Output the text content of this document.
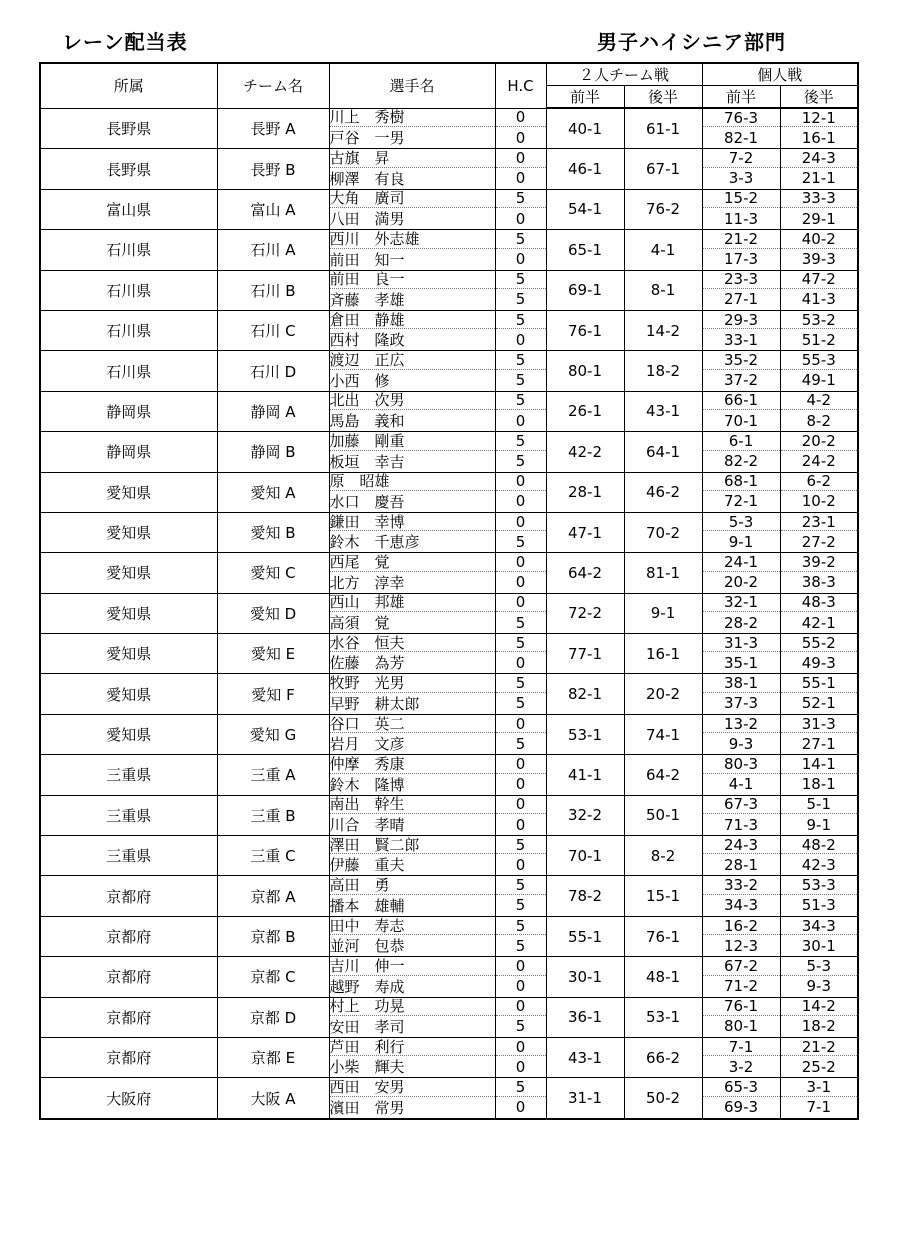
レーン配当表	男子ハイシニア部門
所属	チーム名	選手名	H.C	２人チーム戦		個人戦	
				前半	後半	前半	後半
長野県	長野 A	川上　秀樹	0	40-1	61-1	76-3	12-1
		戸谷　一男	0			82-1	16-1
長野県	長野 B	古旗　昇	0	46-1	67-1	7-2	24-3
		柳澤　有良	0			3-3	21-1
富山県	富山 A	大角　廣司	5	54-1	76-2	15-2	33-3
		八田　満男	0			11-3	29-1
石川県	石川 A	西川　外志雄	5	65-1	4-1	21-2	40-2
		前田　知一	0			17-3	39-3
石川県	石川 B	前田　良一	5	69-1	8-1	23-3	47-2
		斉藤　孝雄	5			27-1	41-3
石川県	石川 C	倉田　静雄	5	76-1	14-2	29-3	53-2
		西村　隆政	0			33-1	51-2
石川県	石川 D	渡辺　正広	5	80-1	18-2	35-2	55-3
		小西　修	5			37-2	49-1
静岡県	静岡 A	北出　次男	5	26-1	43-1	66-1	4-2
		馬島　義和	0			70-1	8-2
静岡県	静岡 B	加藤　剛重	5	42-2	64-1	6-1	20-2
		板垣　幸吉	5			82-2	24-2
愛知県	愛知 A	原　昭雄	0	28-1	46-2	68-1	6-2
		水口　慶吾	0			72-1	10-2
愛知県	愛知 B	鎌田　幸博	0	47-1	70-2	5-3	23-1
		鈴木　千恵彦	5			9-1	27-2
愛知県	愛知 C	西尾　覚	0	64-2	81-1	24-1	39-2
		北方　淳幸	0			20-2	38-3
愛知県	愛知 D	西山　邦雄	0	72-2	9-1	32-1	48-3
		高須　覚	5			28-2	42-1
愛知県	愛知 E	水谷　恒夫	5	77-1	16-1	31-3	55-2
		佐藤　為芳	0			35-1	49-3
愛知県	愛知 F	牧野　光男	5	82-1	20-2	38-1	55-1
		早野　耕太郎	5			37-3	52-1
愛知県	愛知 G	谷口　英二	0	53-1	74-1	13-2	31-3
		岩月　文彦	5			9-3	27-1
三重県	三重 A	仲摩　秀康	0	41-1	64-2	80-3	14-1
		鈴木　隆博	0			4-1	18-1
三重県	三重 B	南出　幹生	0	32-2	50-1	67-3	5-1
		川合　孝晴	0			71-3	9-1
三重県	三重 C	澤田　賢二郎	5	70-1	8-2	24-3	48-2
		伊藤　重夫	0			28-1	42-3
京都府	京都 A	高田　勇	5	78-2	15-1	33-2	53-3
		播本　雄輔	5			34-3	51-3
京都府	京都 B	田中　寿志	5	55-1	76-1	16-2	34-3
		並河　包恭	5			12-3	30-1
京都府	京都 C	吉川　伸一	0	30-1	48-1	67-2	5-3
		越野　寿成	0			71-2	9-3
京都府	京都 D	村上　功晃	0	36-1	53-1	76-1	14-2
		安田　孝司	5			80-1	18-2
京都府	京都 E	芦田　利行	0	43-1	66-2	7-1	21-2
		小柴　輝夫	0			3-2	25-2
大阪府	大阪 A	西田　安男	5	31-1	50-2	65-3	3-1
		濱田　常男	0			69-3	7-1
